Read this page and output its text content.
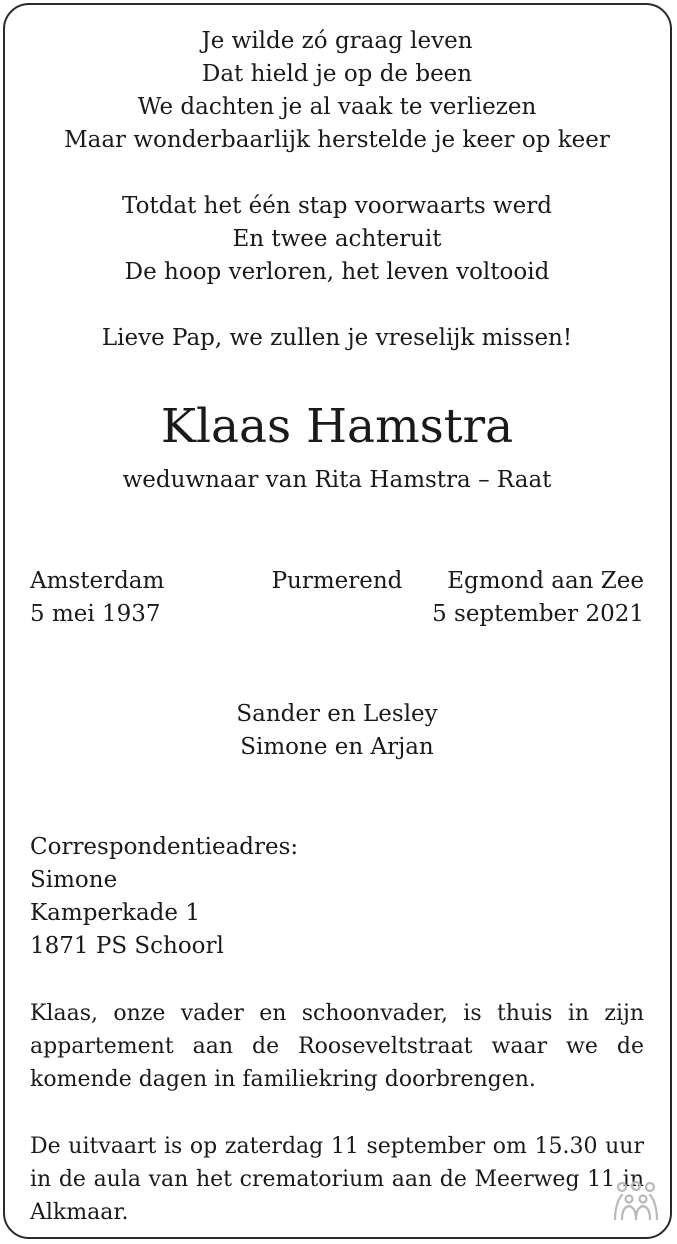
Je wilde zó graag leven
Dat hield je op de been
We dachten je al vaak te verliezen
Maar wonderbaarlijk herstelde je keer op keer
Totdat het één stap voorwaarts werd
En twee achteruit
De hoop verloren, het leven voltooid
Lieve Pap, we zullen je vreselijk missen!
Klaas Hamstra
weduwnaar van Rita Hamstra – Raat
Amsterdam
5 mei 1937
Purmerend	Egmond aan Zee
5 september 2021
Sander en Lesley
Simone en Arjan
Correspondentieadres:
Simone
Kamperkade 1
1871 PS Schoorl
Klaas, onze vader en schoonvader, is thuis in zijn appartement aan de Rooseveltstraat waar we de komende dagen in familiekring doorbrengen.
De uitvaart is op zaterdag 11 september om 15.30 uur in de aula van het crematorium aan de Meerweg 11 in Alkmaar.
